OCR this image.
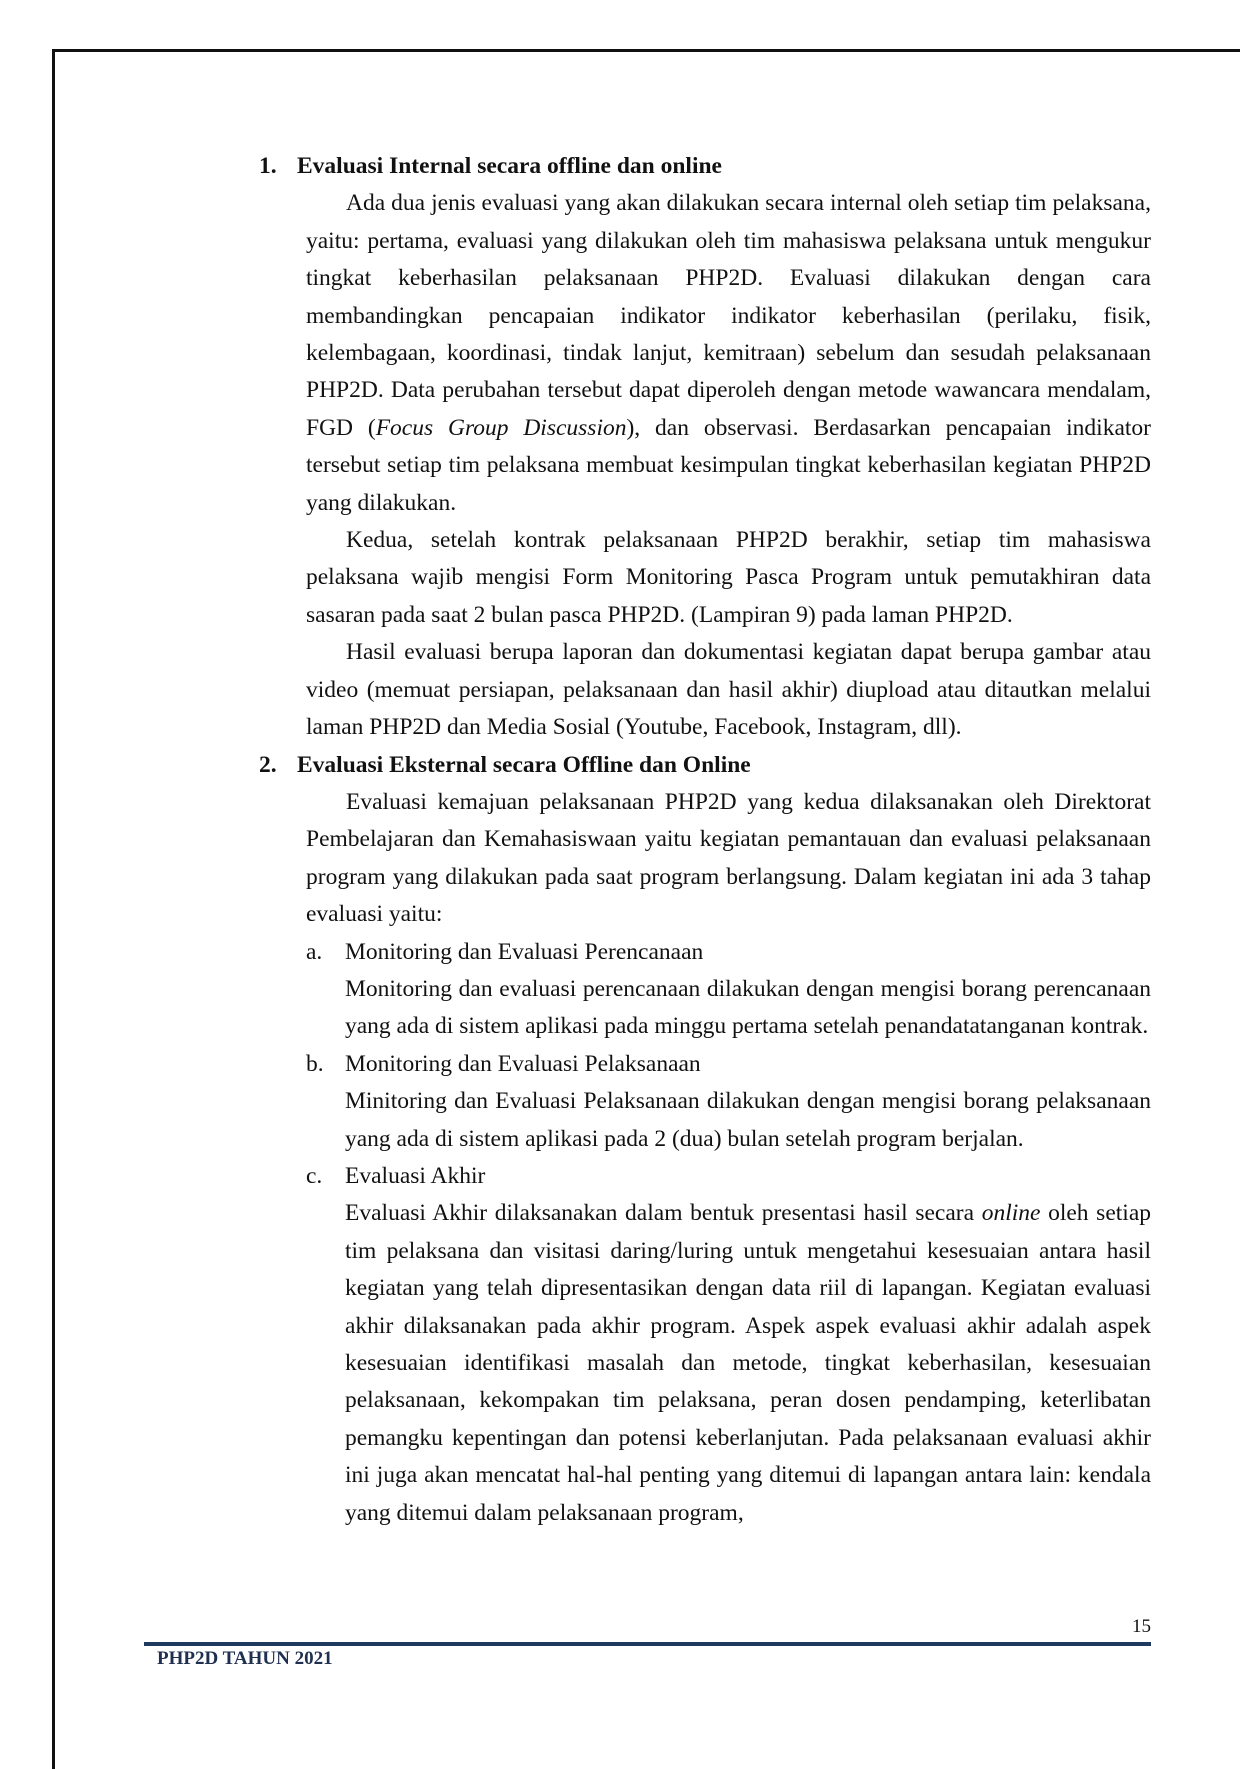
1. Evaluasi Internal secara offline dan online

Ada dua jenis evaluasi yang akan dilakukan secara internal oleh setiap tim pelaksana, yaitu: pertama, evaluasi yang dilakukan oleh tim mahasiswa pelaksana untuk mengukur tingkat keberhasilan pelaksanaan PHP2D. Evaluasi dilakukan dengan cara membandingkan pencapaian indikator indikator keberhasilan (perilaku, fisik, kelembagaan, koordinasi, tindak lanjut, kemitraan) sebelum dan sesudah pelaksanaan PHP2D. Data perubahan tersebut dapat diperoleh dengan metode wawancara mendalam, FGD (Focus Group Discussion), dan observasi. Berdasarkan pencapaian indikator tersebut setiap tim pelaksana membuat kesimpulan tingkat keberhasilan kegiatan PHP2D yang dilakukan.

Kedua, setelah kontrak pelaksanaan PHP2D berakhir, setiap tim mahasiswa pelaksana wajib mengisi Form Monitoring Pasca Program untuk pemutakhiran data sasaran pada saat 2 bulan pasca PHP2D. (Lampiran 9) pada laman PHP2D.

Hasil evaluasi berupa laporan dan dokumentasi kegiatan dapat berupa gambar atau video (memuat persiapan, pelaksanaan dan hasil akhir) diupload atau ditautkan melalui laman PHP2D dan Media Sosial (Youtube, Facebook, Instagram, dll).

2. Evaluasi Eksternal secara Offline dan Online

Evaluasi kemajuan pelaksanaan PHP2D yang kedua dilaksanakan oleh Direktorat Pembelajaran dan Kemahasiswaan yaitu kegiatan pemantauan dan evaluasi pelaksanaan program yang dilakukan pada saat program berlangsung. Dalam kegiatan ini ada 3 tahap evaluasi yaitu:

a. Monitoring dan Evaluasi Perencanaan

Monitoring dan evaluasi perencanaan dilakukan dengan mengisi borang perencanaan yang ada di sistem aplikasi pada minggu pertama setelah penandatatanganan kontrak.

b. Monitoring dan Evaluasi Pelaksanaan

Minitoring dan Evaluasi Pelaksanaan dilakukan dengan mengisi borang pelaksanaan yang ada di sistem aplikasi pada 2 (dua) bulan setelah program berjalan.

c. Evaluasi Akhir

Evaluasi Akhir dilaksanakan dalam bentuk presentasi hasil secara online oleh setiap tim pelaksana dan visitasi daring/luring untuk mengetahui kesesuaian antara hasil kegiatan yang telah dipresentasikan dengan data riil di lapangan. Kegiatan evaluasi akhir dilaksanakan pada akhir program. Aspek aspek evaluasi akhir adalah aspek kesesuaian identifikasi masalah dan metode, tingkat keberhasilan, kesesuaian pelaksanaan, kekompakan tim pelaksana, peran dosen pendamping, keterlibatan pemangku kepentingan dan potensi keberlanjutan. Pada pelaksanaan evaluasi akhir ini juga akan mencatat hal-hal penting yang ditemui di lapangan antara lain: kendala yang ditemui dalam pelaksanaan program,

15
PHP2D TAHUN 2021
